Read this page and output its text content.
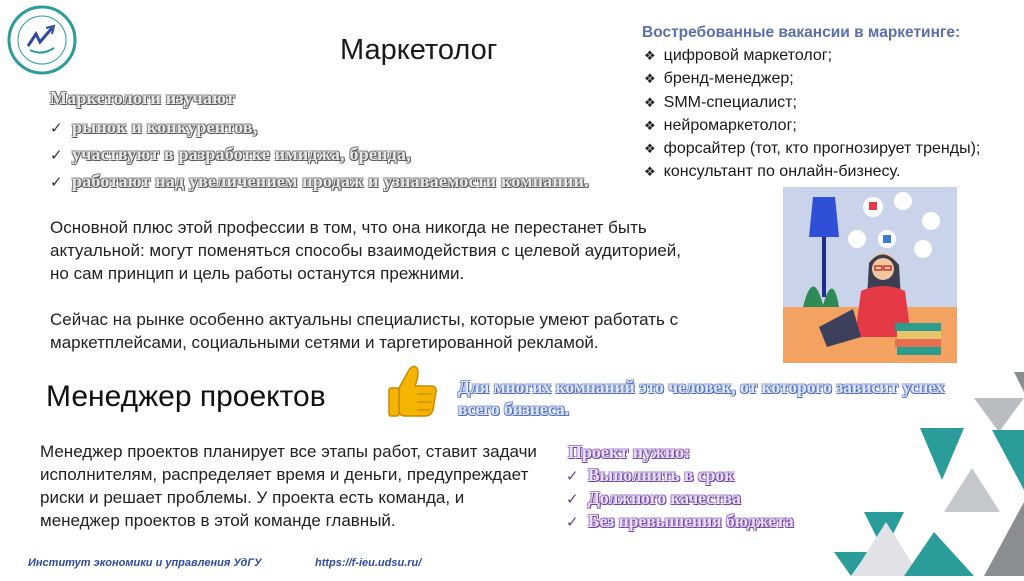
Маркетолог
Маркетологи изучают
✓ рынок и конкурентов,
✓ участвуют в разработке имиджа, бренда,
✓ работают над увеличением продаж и узнаваемости компании.
Основной плюс этой профессии в том, что она никогда не перестанет быть актуальной: могут поменяться способы взаимодействия с целевой аудиторией, но сам принцип и цель работы останутся прежними.
Сейчас на рынке особенно актуальны специалисты, которые умеют работать с маркетплейсами, социальными сетями и таргетированной рекламой.
Востребованные вакансии в маркетинге:
❖ цифровой маркетолог;
❖ бренд-менеджер;
❖ SMM-специалист;
❖ нейромаркетолог;
❖ форсайтер (тот, кто прогнозирует тренды);
❖ консультант по онлайн-бизнесу.
Менеджер проектов	Для многих компаний это человек, от которого зависит успех всего бизнеса.
Менеджер проектов планирует все этапы работ, ставит задачи исполнителям, распределяет время и деньги, предупреждает риски и решает проблемы. У проекта есть команда, и менеджер проектов в этой команде главный.
Проект нужно:
✓ Выполнить в срок
✓ Должного качества
✓ Без превышения бюджета
Институт экономики и управления УдГУ	https://f-ieu.udsu.ru/
